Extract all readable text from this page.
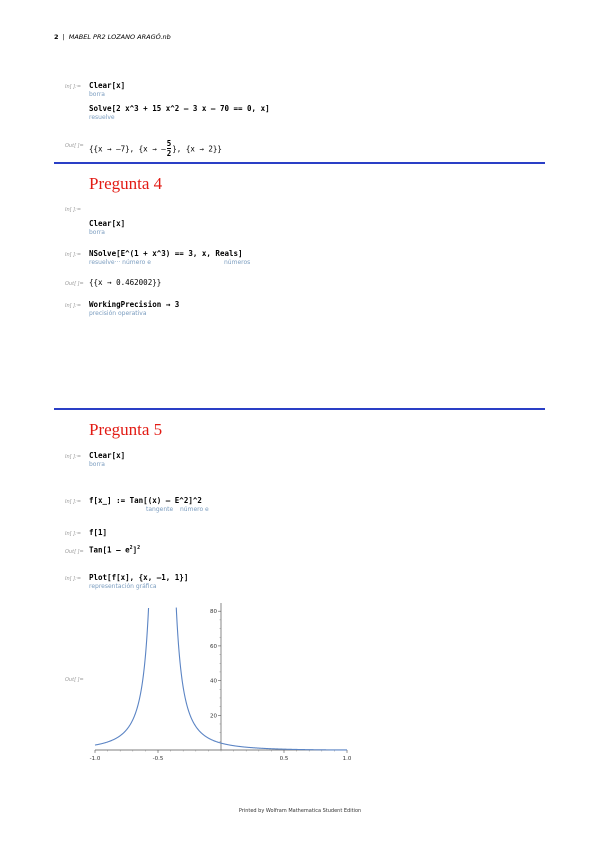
2 | MABEL PR2 LOZANO ARAGÓ.nb
In[ ]:= Clear[x]
borra
Solve[2 x^3 + 15 x^2 – 3 x – 70 == 0, x]
resuelve
Out[ ]= {{x → –7}, {x → – $\frac{5}{2}$ }, {x → 2}}
Pregunta 4
In[ ]:=
Clear[x]
borra
In[ ]:= NSolve[E^(1 + x^3) == 3, x, Reals]
resuelve··· número e	números
Out[ ]= {{x → 0.462002}}
In[ ]:= WorkingPrecision → 3
precisión operativa
Pregunta 5
In[ ]:= Clear[x]
borra
In[ ]:= f[x_] := Tan[(x) – E^2]^2
tangente número e
In[ ]:= f[1]
Out[ ]= $Tan[1 - e^2]^2$
In[ ]:= Plot[f[x], {x, –1, 1}]
representación gráfica
Out[ ]=
-1.0	-0.5	0.5	1.0
20
40
60
80
Printed by Wolfram Mathematica Student Edition
